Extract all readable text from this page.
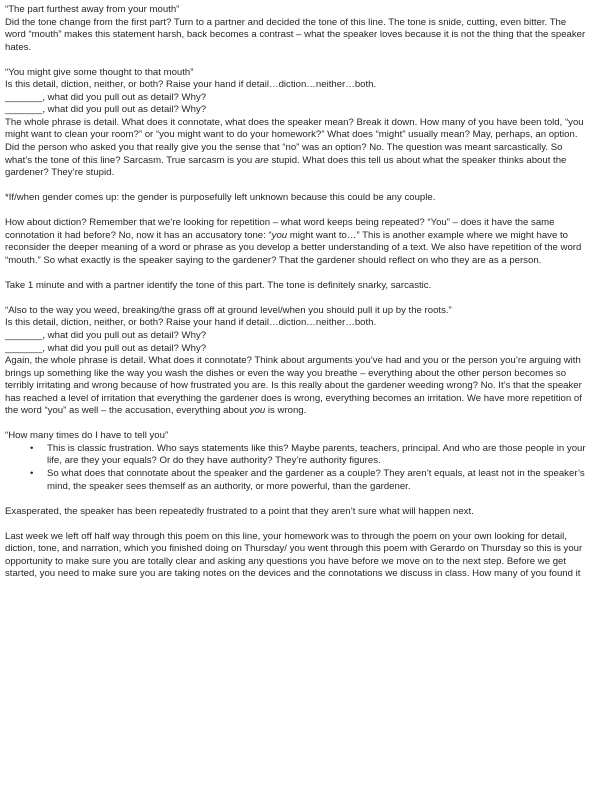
“The part furthest away from your mouth”

Did the tone change from the first part? Turn to a partner and decided the tone of this line. The tone is snide, cutting, even bitter. The word “mouth” makes this statement harsh, back becomes a contrast – what the speaker loves because it is not the thing that the speaker hates.

“You might give some thought to that mouth”

Is this detail, diction, neither, or both? Raise your hand if detail…diction…neither…both.

_______, what did you pull out as detail? Why?

_______, what did you pull out as detail? Why?

The whole phrase is detail. What does it connotate, what does the speaker mean? Break it down. How many of you have been told, “you might want to clean your room?” or “you might want to do your homework?” What does “might” usually mean? May, perhaps, an option. Did the person who asked you that really give you the sense that “no” was an option? No. The question was meant sarcastically. So what’s the tone of this line? Sarcasm. True sarcasm is you are stupid. What does this tell us about what the speaker thinks about the gardener? They’re stupid.

*If/when gender comes up: the gender is purposefully left unknown because this could be any couple.

How about diction? Remember that we’re looking for repetition – what word keeps being repeated? “You” – does it have the same connotation it had before? No, now it has an accusatory tone: “you might want to…” This is another example where we might have to reconsider the deeper meaning of a word or phrase as you develop a better understanding of a text. We also have repetition of the word “mouth.” So what exactly is the speaker saying to the gardener? That the gardener should reflect on who they are as a person.

Take 1 minute and with a partner identify the tone of this part. The tone is definitely snarky, sarcastic.

“Also to the way you weed, breaking/the grass off at ground level/when you should pull it up by the roots.”

Is this detail, diction, neither, or both? Raise your hand if detail…diction…neither…both.

_______, what did you pull out as detail? Why?

_______, what did you pull out as detail? Why?

Again, the whole phrase is detail. What does it connotate? Think about arguments you’ve had and you or the person you’re arguing with brings up something like the way you wash the dishes or even the way you breathe – everything about the other person becomes so terribly irritating and wrong because of how frustrated you are. Is this really about the gardener weeding wrong? No. It’s that the speaker has reached a level of irritation that everything the gardener does is wrong, everything becomes an irritation. We have more repetition of the word “you” as well – the accusation, everything about you is wrong.

“How many times do I have to tell you”

• This is classic frustration. Who says statements like this? Maybe parents, teachers, principal. And who are those people in your life, are they your equals? Or do they have authority? They’re authority figures.
• So what does that connotate about the speaker and the gardener as a couple? They aren’t equals, at least not in the speaker’s mind, the speaker sees themself as an authority, or more powerful, than the gardener.

Exasperated, the speaker has been repeatedly frustrated to a point that they aren’t sure what will happen next.

Last week we left off half way through this poem on this line, your homework was to through the poem on your own looking for detail, diction, tone, and narration, which you finished doing on Thursday/ you went through this poem with Gerardo on Thursday so this is your opportunity to make sure you are totally clear and asking any questions you have before we move on to the next step. Before we get started, you need to make sure you are taking notes on the devices and the connotations we discuss in class. How many of you found it
